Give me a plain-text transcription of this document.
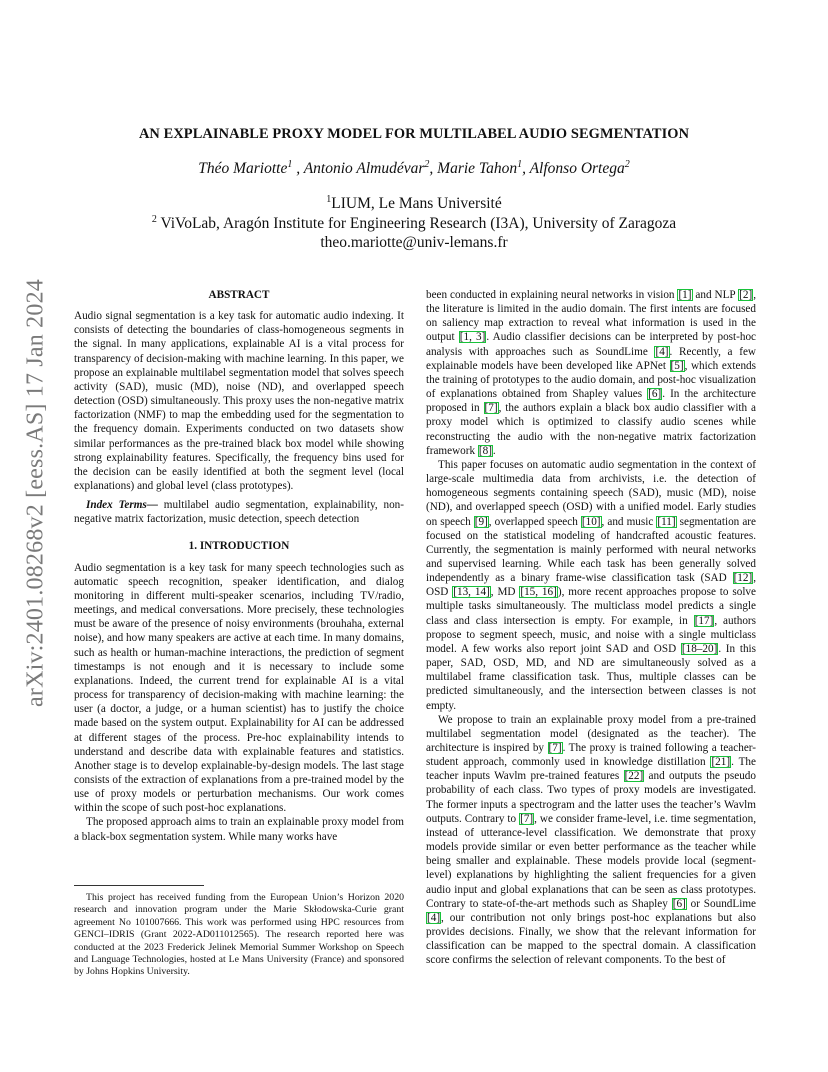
arXiv:2401.08268v2 [eess.AS] 17 Jan 2024
AN EXPLAINABLE PROXY MODEL FOR MULTILABEL AUDIO SEGMENTATION
Théo Mariotte$^1$ , Antonio Almudévar$^2$, Marie Tahon$^1$, Alfonso Ortega$^2$
$^1$LIUM, Le Mans Université
$^2$ ViVoLab, Aragón Institute for Engineering Research (I3A), University of Zaragoza
theo.mariotte@univ-lemans.fr
ABSTRACT

Audio signal segmentation is a key task for automatic audio indexing. It consists of detecting the boundaries of class-homogeneous segments in the signal. In many applications, explainable AI is a vital process for transparency of decision-making with machine learning. In this paper, we propose an explainable multilabel segmentation model that solves speech activity (SAD), music (MD), noise (ND), and overlapped speech detection (OSD) simultaneously. This proxy uses the non-negative matrix factorization (NMF) to map the embedding used for the segmentation to the frequency domain. Experiments conducted on two datasets show similar performances as the pre-trained black box model while showing strong explainability features. Specifically, the frequency bins used for the decision can be easily identified at both the segment level (local explanations) and global level (class prototypes).

Index Terms— multilabel audio segmentation, explainability, non-negative matrix factorization, music detection, speech detection

1. INTRODUCTION

Audio segmentation is a key task for many speech technologies such as automatic speech recognition, speaker identification, and dialog monitoring in different multi-speaker scenarios, including TV/radio, meetings, and medical conversations. More precisely, these technologies must be aware of the presence of noisy environments (brouhaha, external noise), and how many speakers are active at each time. In many domains, such as health or human-machine interactions, the prediction of segment timestamps is not enough and it is necessary to include some explanations. Indeed, the current trend for explainable AI is a vital process for transparency of decision-making with machine learning: the user (a doctor, a judge, or a human scientist) has to justify the choice made based on the system output. Explainability for AI can be addressed at different stages of the process. Pre-hoc explainability intends to understand and describe data with explainable features and statistics. Another stage is to develop explainable-by-design models. The last stage consists of the extraction of explanations from a pre-trained model by the use of proxy models or perturbation mechanisms. Our work comes within the scope of such post-hoc explanations.

The proposed approach aims to train an explainable proxy model from a black-box segmentation system. While many works have

This project has received funding from the European Union’s Horizon 2020 research and innovation program under the Marie Skłodowska-Curie grant agreement No 101007666. This work was performed using HPC resources from GENCI–IDRIS (Grant 2022-AD011012565). The research reported here was conducted at the 2023 Frederick Jelinek Memorial Summer Workshop on Speech and Language Technologies, hosted at Le Mans University (France) and sponsored by Johns Hopkins University.

been conducted in explaining neural networks in vision [1] and NLP [2], the literature is limited in the audio domain. The first intents are focused on saliency map extraction to reveal what information is used in the output [1, 3]. Audio classifier decisions can be interpreted by post-hoc analysis with approaches such as SoundLime [4]. Recently, a few explainable models have been developed like APNet [5], which extends the training of prototypes to the audio domain, and post-hoc visualization of explanations obtained from Shapley values [6]. In the architecture proposed in [7], the authors explain a black box audio classifier with a proxy model which is optimized to classify audio scenes while reconstructing the audio with the non-negative matrix factorization framework [8].

This paper focuses on automatic audio segmentation in the context of large-scale multimedia data from archivists, i.e. the detection of homogeneous segments containing speech (SAD), music (MD), noise (ND), and overlapped speech (OSD) with a unified model. Early studies on speech [9], overlapped speech [10], and music [11] segmentation are focused on the statistical modeling of handcrafted acoustic features. Currently, the segmentation is mainly performed with neural networks and supervised learning. While each task has been generally solved independently as a binary frame-wise classification task (SAD [12], OSD [13, 14], MD [15, 16]), more recent approaches propose to solve multiple tasks simultaneously. The multiclass model predicts a single class and class intersection is empty. For example, in [17], authors propose to segment speech, music, and noise with a single multiclass model. A few works also report joint SAD and OSD [18–20]. In this paper, SAD, OSD, MD, and ND are simultaneously solved as a multilabel frame classification task. Thus, multiple classes can be predicted simultaneously, and the intersection between classes is not empty.

We propose to train an explainable proxy model from a pre-trained multilabel segmentation model (designated as the teacher). The architecture is inspired by [7]. The proxy is trained following a teacher-student approach, commonly used in knowledge distillation [21]. The teacher inputs Wavlm pre-trained features [22] and outputs the pseudo probability of each class. Two types of proxy models are investigated. The former inputs a spectrogram and the latter uses the teacher’s Wavlm outputs. Contrary to [7], we consider frame-level, i.e. time segmentation, instead of utterance-level classification. We demonstrate that proxy models provide similar or even better performance as the teacher while being smaller and explainable. These models provide local (segment-level) explanations by highlighting the salient frequencies for a given audio input and global explanations that can be seen as class prototypes. Contrary to state-of-the-art methods such as Shapley [6] or SoundLime [4], our contribution not only brings post-hoc explanations but also provides decisions. Finally, we show that the relevant information for classification can be mapped to the spectral domain. A classification score confirms the selection of relevant components. To the best of
